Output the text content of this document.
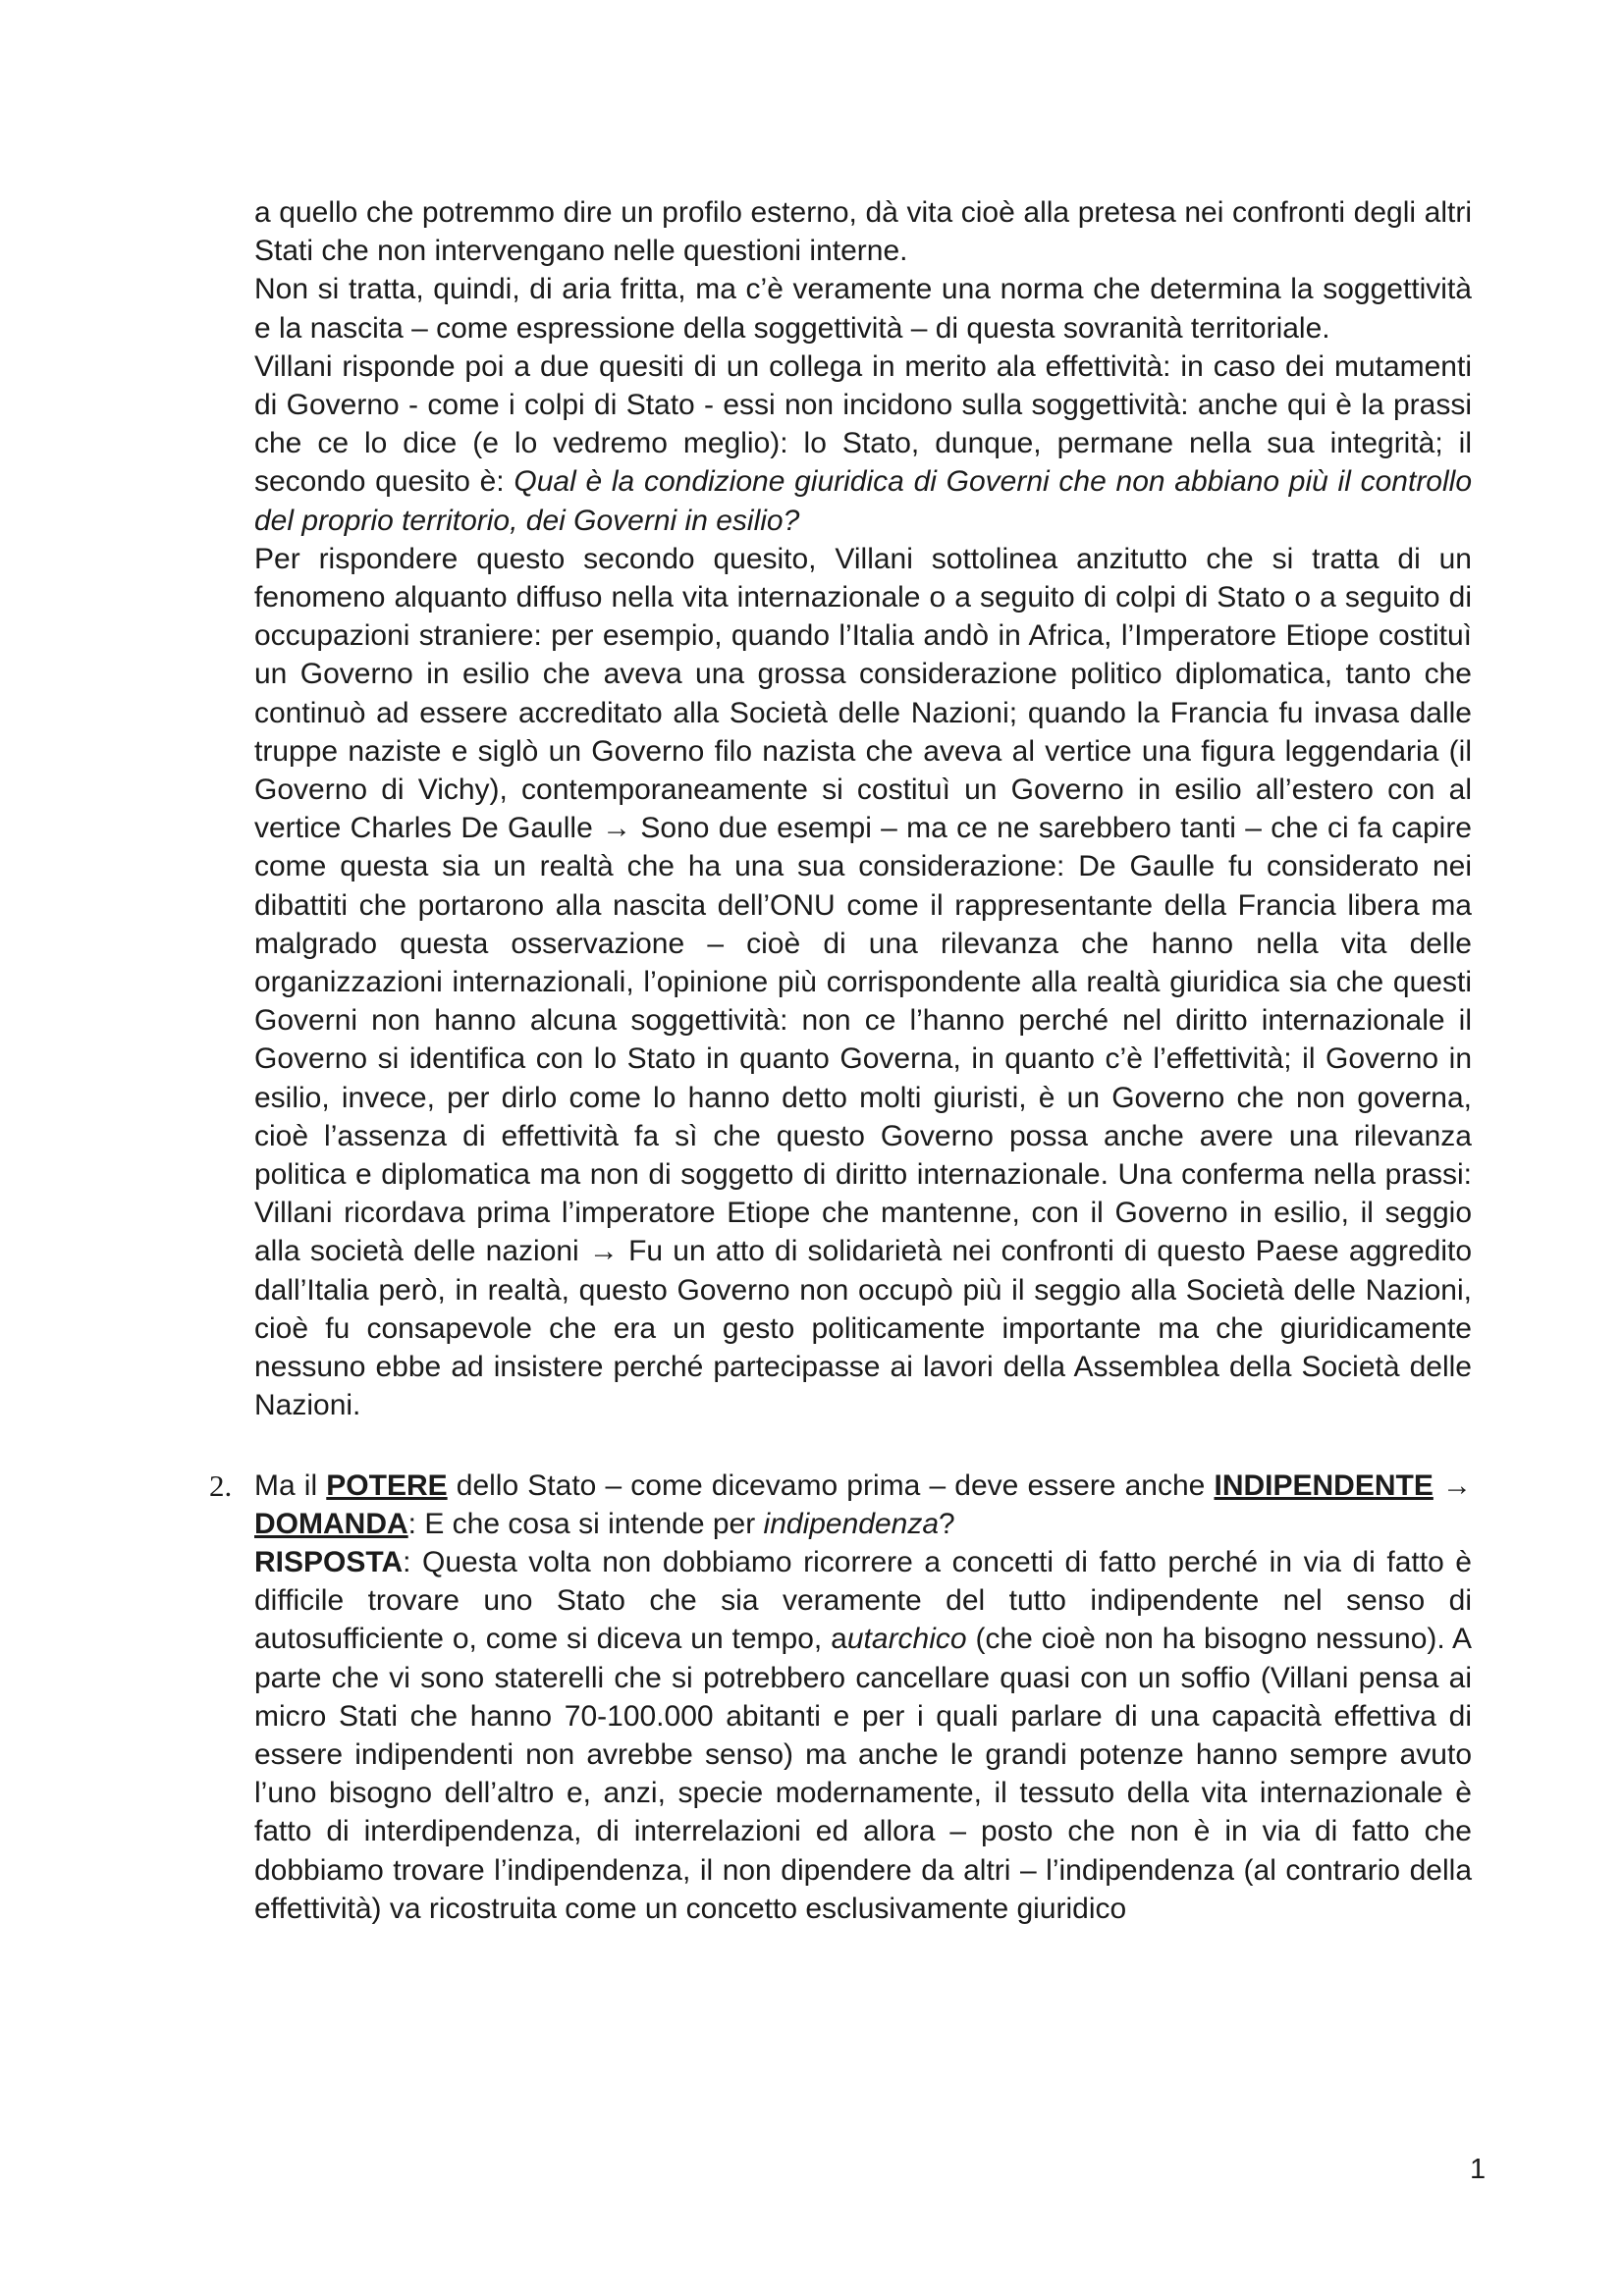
a quello che potremmo dire un profilo esterno, dà vita cioè alla pretesa nei confronti degli altri Stati che non intervengano nelle questioni interne.

Non si tratta, quindi, di aria fritta, ma c’è veramente una norma che determina la soggettività e la nascita – come espressione della soggettività – di questa sovranità territoriale.

Villani risponde poi a due quesiti di un collega in merito ala effettività: in caso dei mutamenti di Governo - come i colpi di Stato - essi non incidono sulla soggettività: anche qui è la prassi che ce lo dice (e lo vedremo meglio): lo Stato, dunque, permane nella sua integrità; il secondo quesito è: Qual è la condizione giuridica di Governi che non abbiano più il controllo del proprio territorio, dei Governi in esilio?

Per rispondere questo secondo quesito, Villani sottolinea anzitutto che si tratta di un fenomeno alquanto diffuso nella vita internazionale o a seguito di colpi di Stato o a seguito di occupazioni straniere: per esempio, quando l’Italia andò in Africa, l’Imperatore Etiope costituì un Governo in esilio che aveva una grossa considerazione politico diplomatica, tanto che continuò ad essere accreditato alla Società delle Nazioni; quando la Francia fu invasa dalle truppe naziste e siglò un Governo filo nazista che aveva al vertice una figura leggendaria (il Governo di Vichy), contemporaneamente si costituì un Governo in esilio all’estero con al vertice Charles De Gaulle → Sono due esempi – ma ce ne sarebbero tanti – che ci fa capire come questa sia un realtà che ha una sua considerazione: De Gaulle fu considerato nei dibattiti che portarono alla nascita dell’ONU come il rappresentante della Francia libera ma malgrado questa osservazione – cioè di una rilevanza che hanno nella vita delle organizzazioni internazionali, l’opinione più corrispondente alla realtà giuridica sia che questi Governi non hanno alcuna soggettività: non ce l’hanno perché nel diritto internazionale il Governo si identifica con lo Stato in quanto Governa, in quanto c’è l’effettività; il Governo in esilio, invece, per dirlo come lo hanno detto molti giuristi, è un Governo che non governa, cioè l’assenza di effettività fa sì che questo Governo possa anche avere una rilevanza politica e diplomatica ma non di soggetto di diritto internazionale. Una conferma nella prassi: Villani ricordava prima l’imperatore Etiope che mantenne, con il Governo in esilio, il seggio alla società delle nazioni → Fu un atto di solidarietà nei confronti di questo Paese aggredito dall’Italia però, in realtà, questo Governo non occupò più il seggio alla Società delle Nazioni, cioè fu consapevole che era un gesto politicamente importante ma che giuridicamente nessuno ebbe ad insistere perché partecipasse ai lavori della Assemblea della Società delle Nazioni.

2. Ma il POTERE dello Stato – come dicevamo prima – deve essere anche INDIPENDENTE → DOMANDA: E che cosa si intende per indipendenza?
RISPOSTA: Questa volta non dobbiamo ricorrere a concetti di fatto perché in via di fatto è difficile trovare uno Stato che sia veramente del tutto indipendente nel senso di autosufficiente o, come si diceva un tempo, autarchico (che cioè non ha bisogno nessuno). A parte che vi sono staterelli che si potrebbero cancellare quasi con un soffio (Villani pensa ai micro Stati che hanno 70-100.000 abitanti e per i quali parlare di una capacità effettiva di essere indipendenti non avrebbe senso) ma anche le grandi potenze hanno sempre avuto l’uno bisogno dell’altro e, anzi, specie modernamente, il tessuto della vita internazionale è fatto di interdipendenza, di interrelazioni ed allora – posto che non è in via di fatto che dobbiamo trovare l’indipendenza, il non dipendere da altri – l’indipendenza (al contrario della effettività) va ricostruita come un concetto esclusivamente giuridico

1
